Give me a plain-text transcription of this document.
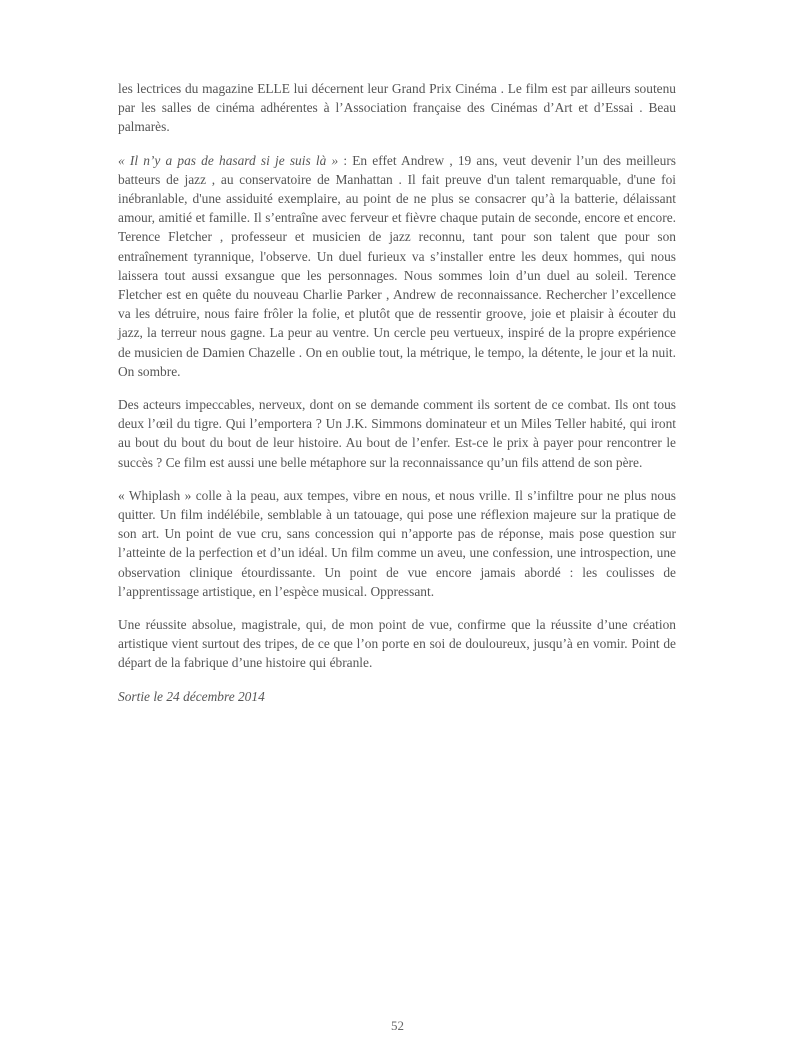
les lectrices du magazine ELLE lui décernent leur Grand Prix Cinéma . Le film est par ailleurs soutenu par les salles de cinéma adhérentes à l’Association française des Cinémas d’Art et d’Essai . Beau palmarès.

« Il n’y a pas de hasard si je suis là » : En effet Andrew , 19 ans, veut devenir l’un des meilleurs batteurs de jazz , au conservatoire de Manhattan . Il fait preuve d'un talent remarquable, d'une foi inébranlable, d'une assiduité exemplaire, au point de ne plus se consacrer qu’à la batterie, délaissant amour, amitié et famille. Il s’entraîne avec ferveur et fièvre chaque putain de seconde, encore et encore. Terence Fletcher , professeur et musicien de jazz reconnu, tant pour son talent que pour son entraînement tyrannique, l'observe. Un duel furieux va s’installer entre les deux hommes, qui nous laissera tout aussi exsangue que les personnages. Nous sommes loin d’un duel au soleil. Terence Fletcher est en quête du nouveau Charlie Parker , Andrew de reconnaissance. Rechercher l’excellence va les détruire, nous faire frôler la folie, et plutôt que de ressentir groove, joie et plaisir à écouter du jazz, la terreur nous gagne. La peur au ventre. Un cercle peu vertueux, inspiré de la propre expérience de musicien de Damien Chazelle . On en oublie tout, la métrique, le tempo, la détente, le jour et la nuit. On sombre.

Des acteurs impeccables, nerveux, dont on se demande comment ils sortent de ce combat. Ils ont tous deux l’œil du tigre. Qui l’emportera ? Un J.K. Simmons dominateur et un Miles Teller habité, qui iront au bout du bout du bout de leur histoire. Au bout de l’enfer. Est-ce le prix à payer pour rencontrer le succès ? Ce film est aussi une belle métaphore sur la reconnaissance qu’un fils attend de son père.

« Whiplash » colle à la peau, aux tempes, vibre en nous, et nous vrille. Il s’infiltre pour ne plus nous quitter. Un film indélébile, semblable à un tatouage, qui pose une réflexion majeure sur la pratique de son art. Un point de vue cru, sans concession qui n’apporte pas de réponse, mais pose question sur l’atteinte de la perfection et d’un idéal. Un film comme un aveu, une confession, une introspection, une observation clinique étourdissante. Un point de vue encore jamais abordé : les coulisses de l’apprentissage artistique, en l’espèce musical. Oppressant.

Une réussite absolue, magistrale, qui, de mon point de vue, confirme que la réussite d’une création artistique vient surtout des tripes, de ce que l’on porte en soi de douloureux, jusqu’à en vomir. Point de départ de la fabrique d’une histoire qui ébranle.

Sortie le 24 décembre 2014

52
